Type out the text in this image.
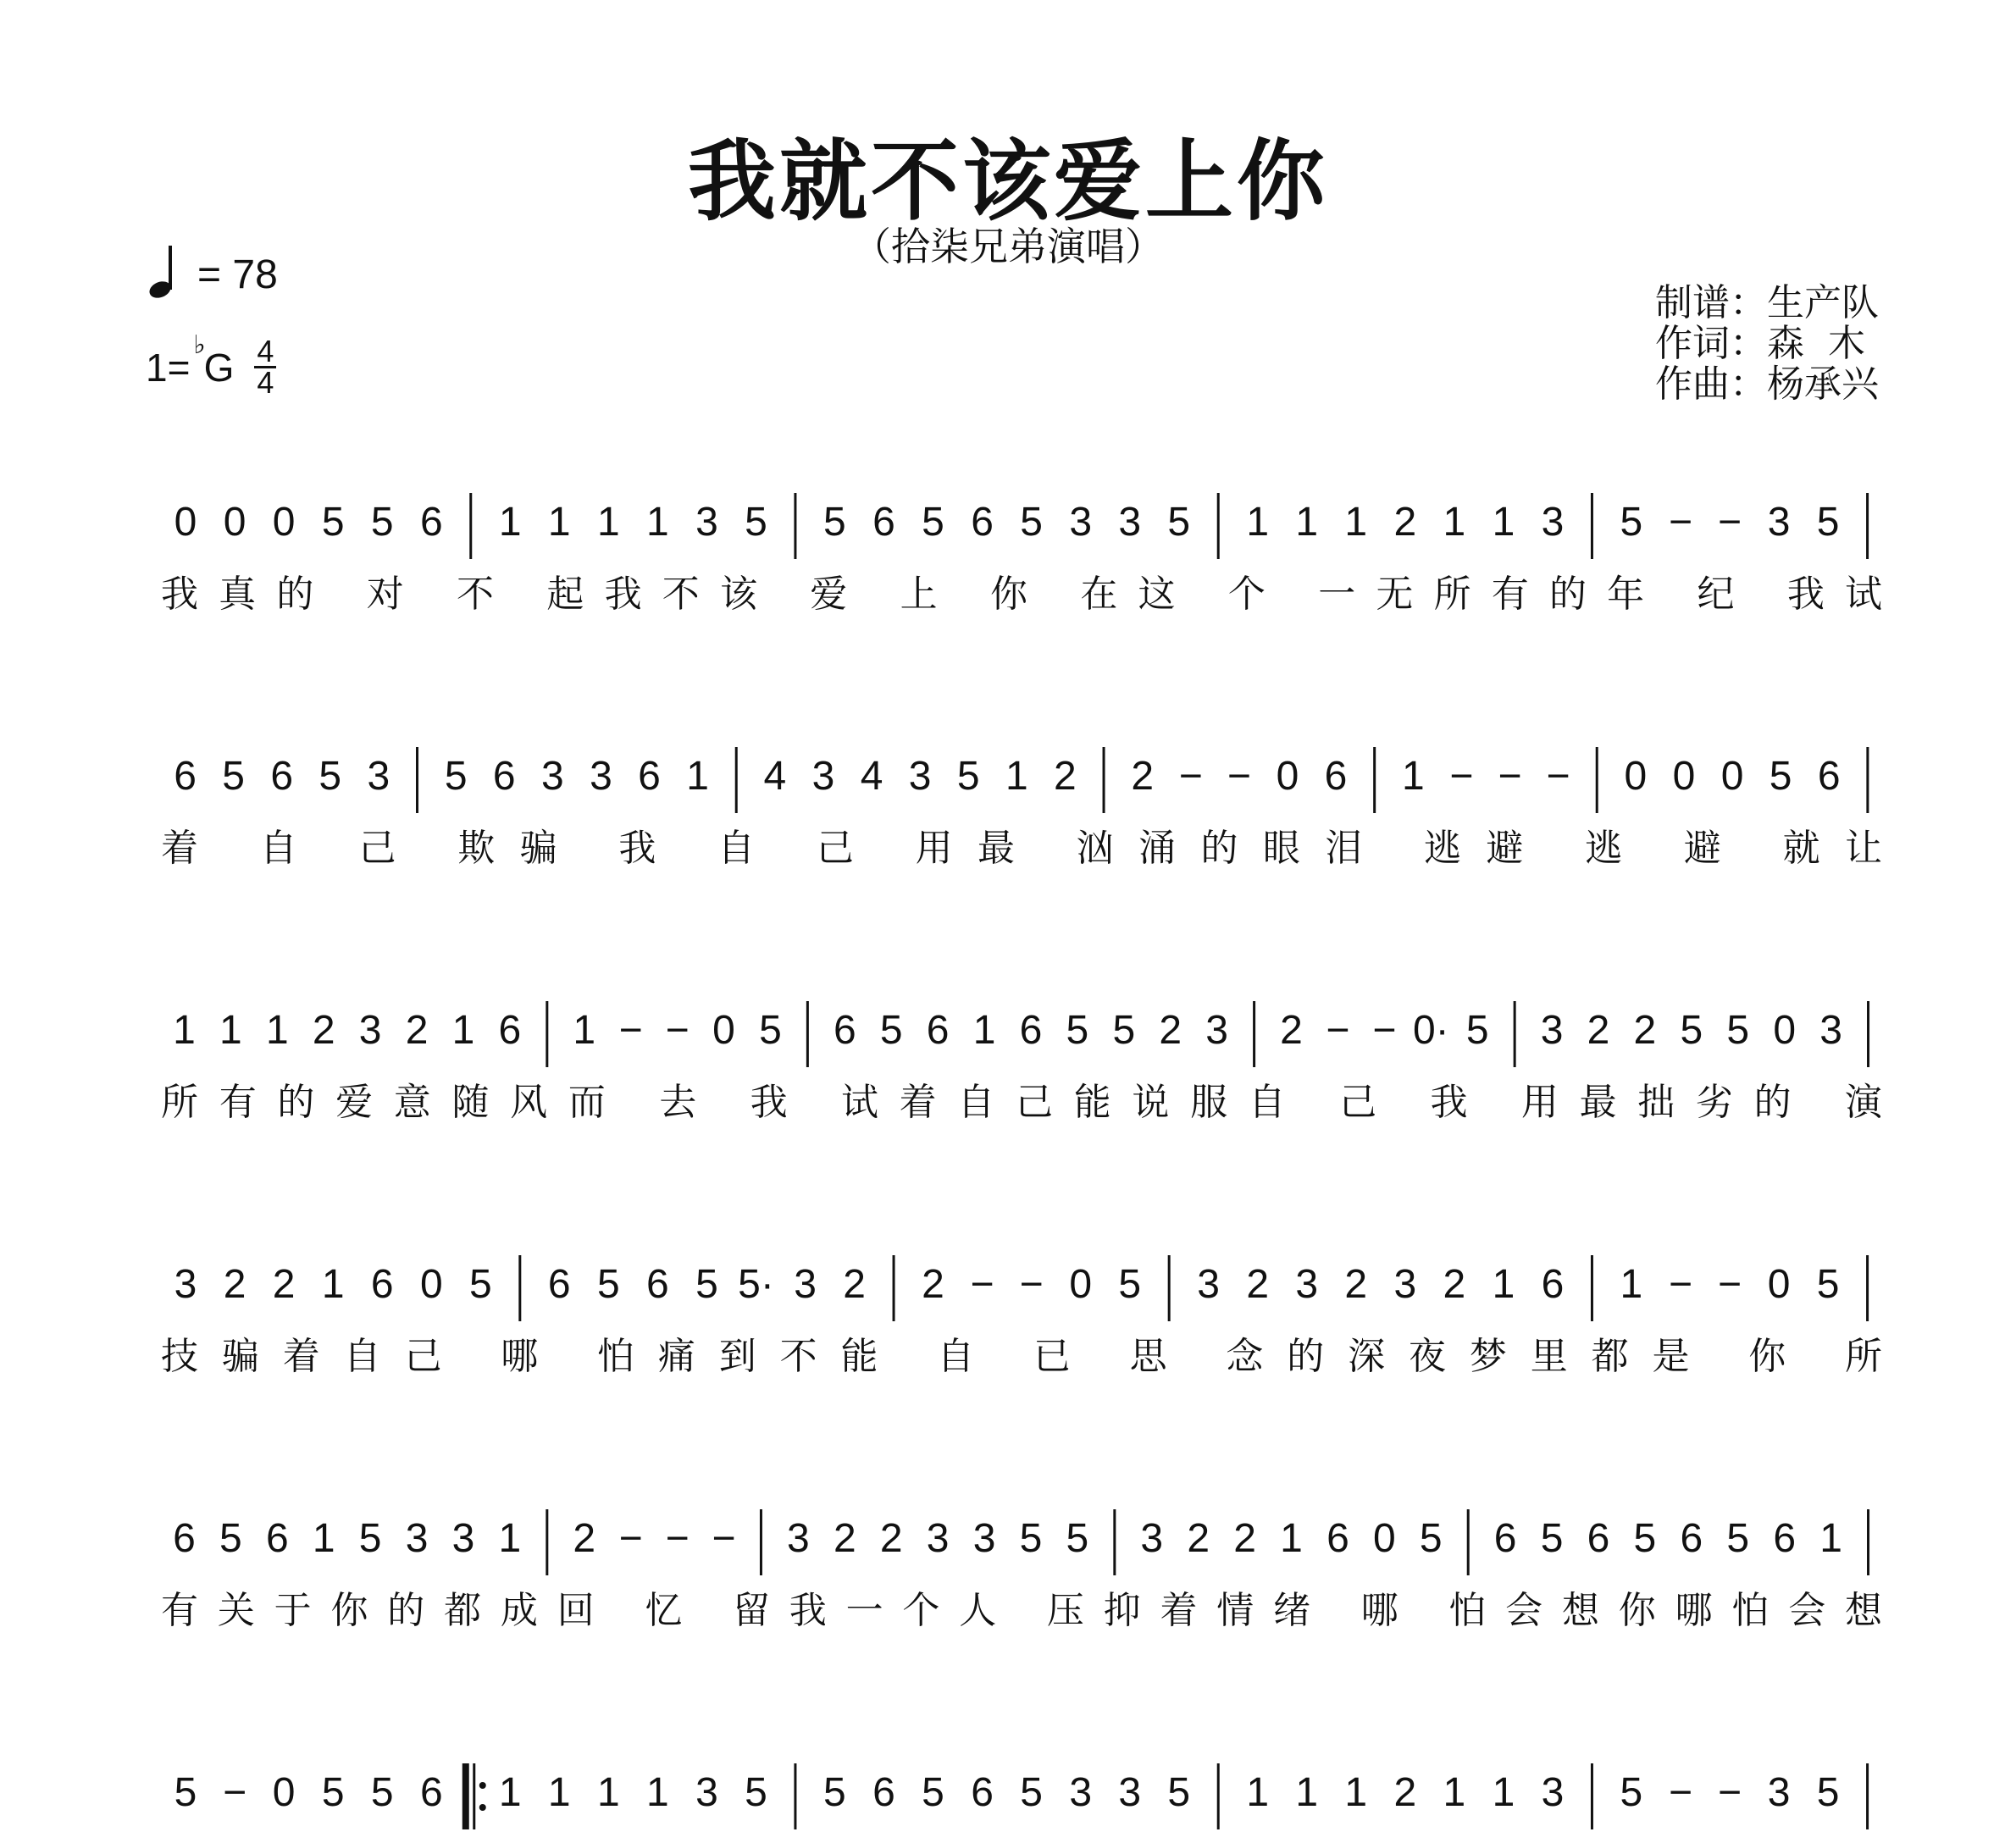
我就不该爱上你
（拾柒兄弟演唱）
= 78
1= ♭
G 4
4
制谱： 生产队
作词： 森  木
作曲： 杨承兴
0 0 0 5 5 6 1 1 1 1 3 5 5 6 5 6 5 3 3 5 1 1 1 2 1 1 3 5 − − 3 5
我真的 对 不 起我不该 爱 上 你 在这 个 一无所有的年 纪 我试
6 5 6 5 3 5 6 3 3 6 1 4 3 4 3 5 1 2 2 − − 0 6 1 − − − 0 0 0 5 6
着 自 己 欺骗 我 自 己 用最 汹涌的眼泪 逃避 逃 避 就让
1 1 1 2 3 2 1 6 1 − − 0 5 6 5 6 1 6 5 5 2 3 2 − − 0· 5 3 2 2 5 5 0 3
所有的爱意随风而 去 我 试着自己能说服自 己 我 用最拙劣的 演
3 2 2 1 6 0 5 6 5 6 5 5· 3 2 2 − − 0 5 3 2 3 2 3 2 1 6 1 − − 0 5
技骗着自己 哪 怕痛到不能 自 已 思 念的深夜梦里都是 你 所
6 5 6 1 5 3 3 1 2 − − − 3 2 2 3 3 5 5 3 2 2 1 6 0 5 6 5 6 5 6 5 6 1
有关于你的都成回 忆 留我一个人 压抑着情绪 哪 怕会想你哪怕会想
5 − 0 5 5 6 1 1 1 1 3 5 5 6 5 6 5 3 3 5 1 1 1 2 1 1 3 5 − − 3 5
